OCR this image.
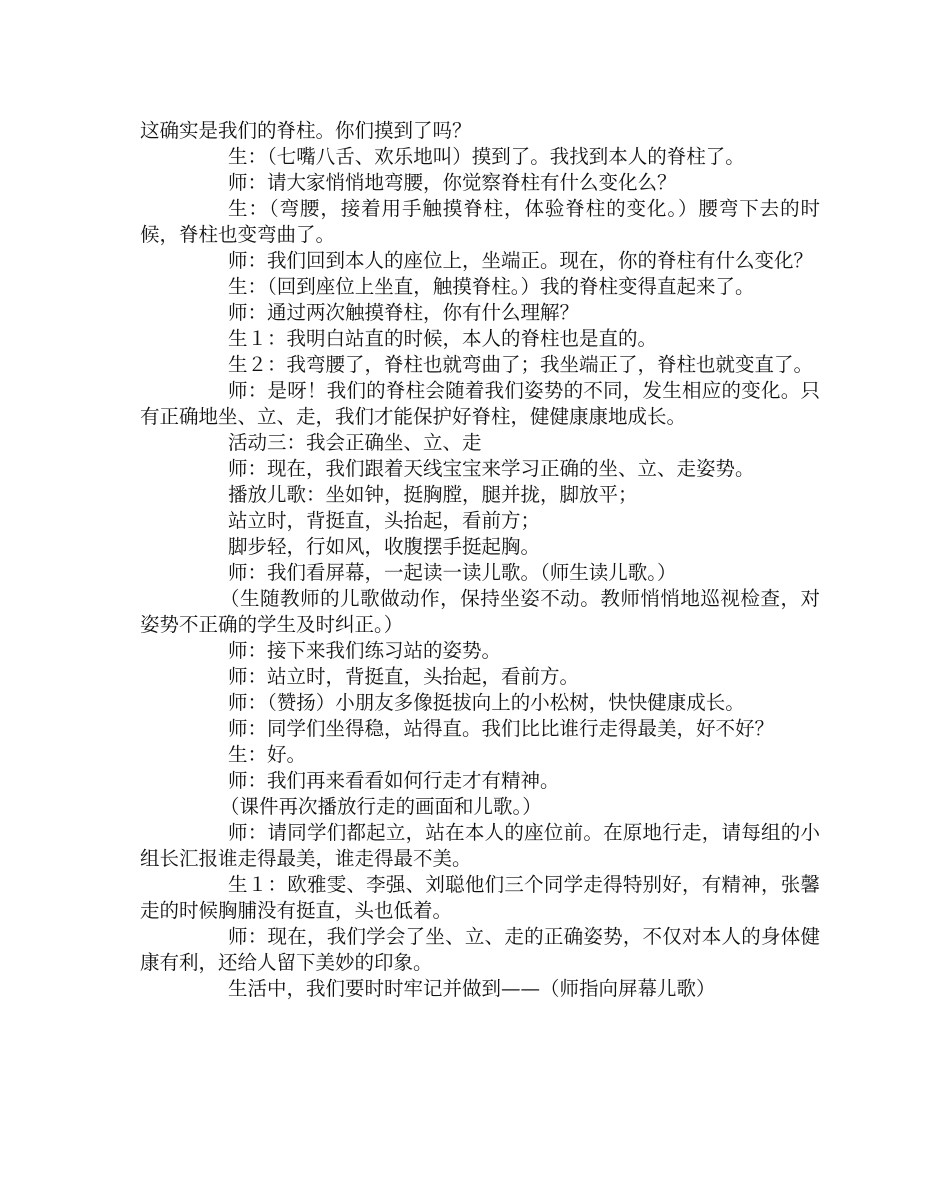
这确实是我们的脊柱。你们摸到了吗？

生：（七嘴八舌、欢乐地叫）摸到了。我找到本人的脊柱了。

师：请大家悄悄地弯腰，你觉察脊柱有什么变化么？

生：（弯腰，接着用手触摸脊柱，体验脊柱的变化。）腰弯下去的时候，脊柱也变弯曲了。

师：我们回到本人的座位上，坐端正。现在，你的脊柱有什么变化？

生：（回到座位上坐直，触摸脊柱。）我的脊柱变得直起来了。

师：通过两次触摸脊柱，你有什么理解？

生１：我明白站直的时候，本人的脊柱也是直的。

生２：我弯腰了，脊柱也就弯曲了；我坐端正了，脊柱也就变直了。

师：是呀！我们的脊柱会随着我们姿势的不同，发生相应的变化。只有正确地坐、立、走，我们才能保护好脊柱，健健康康地成长。

活动三：我会正确坐、立、走

师：现在，我们跟着天线宝宝来学习正确的坐、立、走姿势。

播放儿歌：坐如钟，挺胸膛，腿并拢，脚放平；

站立时，背挺直，头抬起，看前方；

脚步轻，行如风，收腹摆手挺起胸。

师：我们看屏幕，一起读一读儿歌。（师生读儿歌。）

（生随教师的儿歌做动作，保持坐姿不动。教师悄悄地巡视检查，对姿势不正确的学生及时纠正。）

师：接下来我们练习站的姿势。

师：站立时，背挺直，头抬起，看前方。

师：（赞扬）小朋友多像挺拔向上的小松树，快快健康成长。

师：同学们坐得稳，站得直。我们比比谁行走得最美，好不好？

生：好。

师：我们再来看看如何行走才有精神。

（课件再次播放行走的画面和儿歌。）

师：请同学们都起立，站在本人的座位前。在原地行走，请每组的小组长汇报谁走得最美，谁走得最不美。

生１：欧雅雯、李强、刘聪他们三个同学走得特别好，有精神，张馨走的时候胸脯没有挺直，头也低着。

师：现在，我们学会了坐、立、走的正确姿势，不仅对本人的身体健康有利，还给人留下美妙的印象。

生活中，我们要时时牢记并做到——（师指向屏幕儿歌）
